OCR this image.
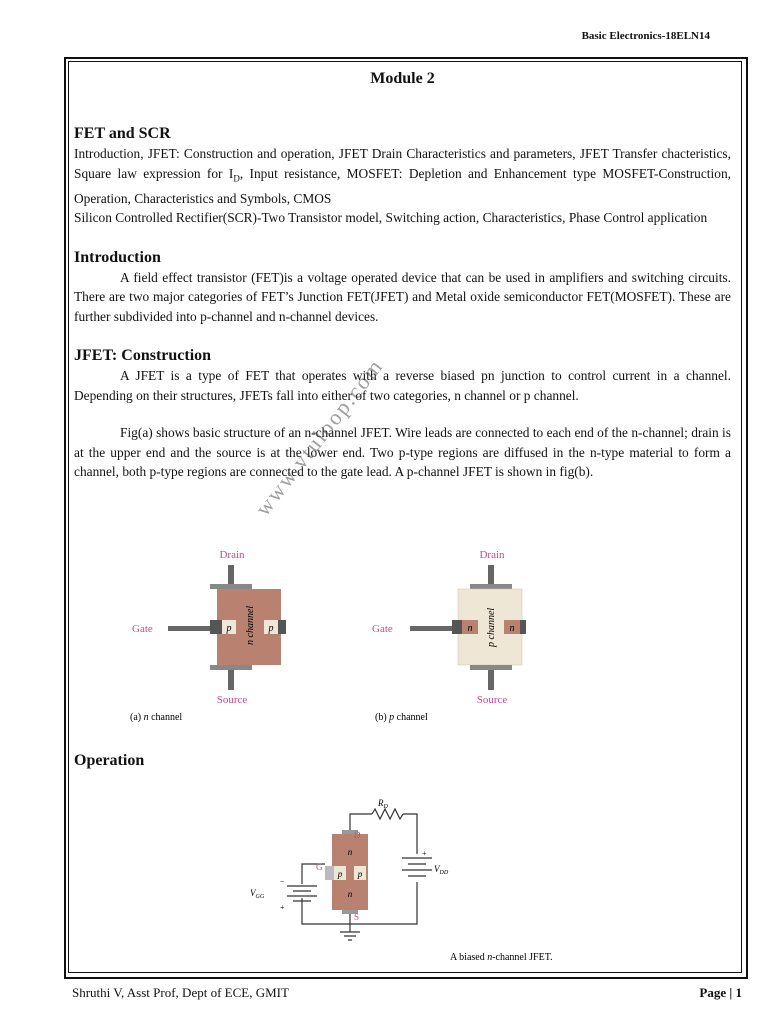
Basic Electronics-18ELN14
Module 2
FET and SCR

Introduction, JFET: Construction and operation, JFET Drain Characteristics and parameters, JFET Transfer chacteristics, Square law expression for $I_D$, Input resistance, MOSFET: Depletion and Enhancement type MOSFET-Construction, Operation, Characteristics and Symbols, CMOS

Silicon Controlled Rectifier(SCR)-Two Transistor model, Switching action, Characteristics, Phase Control application

Introduction

A field effect transistor (FET)is a voltage operated device that can be used in amplifiers and switching circuits. There are two major categories of FET’s Junction FET(JFET) and Metal oxide semiconductor FET(MOSFET). These are further subdivided into p-channel and n-channel devices.

JFET: Construction

A JFET is a type of FET that operates with a reverse biased pn junction to control current in a channel. Depending on their structures, JFETs fall into either of two categories, n channel or p channel.

Fig(a) shows basic structure of an n-channel JFET. Wire leads are connected to each end of the n-channel; drain is at the upper end and the source is at the lower end. Two p-type regions are diffused in the n-type material to form a channel, both p-type regions are connected to the gate lead. A p-channel JFET is shown in fig(b).

Drain
p	p
n channel
Gate
Source
(a) n channel
Drain
n	n
p channel
Gate
Source
(b) p channel
www.vtuloop.com
Operation
p p
n
n
D
G
S
$R_D$
$V_{DD}$
+
$V_{GG}$
−
+
A biased n-channel JFET.
Shruthi V, Asst Prof, Dept of ECE, GMIT	Page | 1
